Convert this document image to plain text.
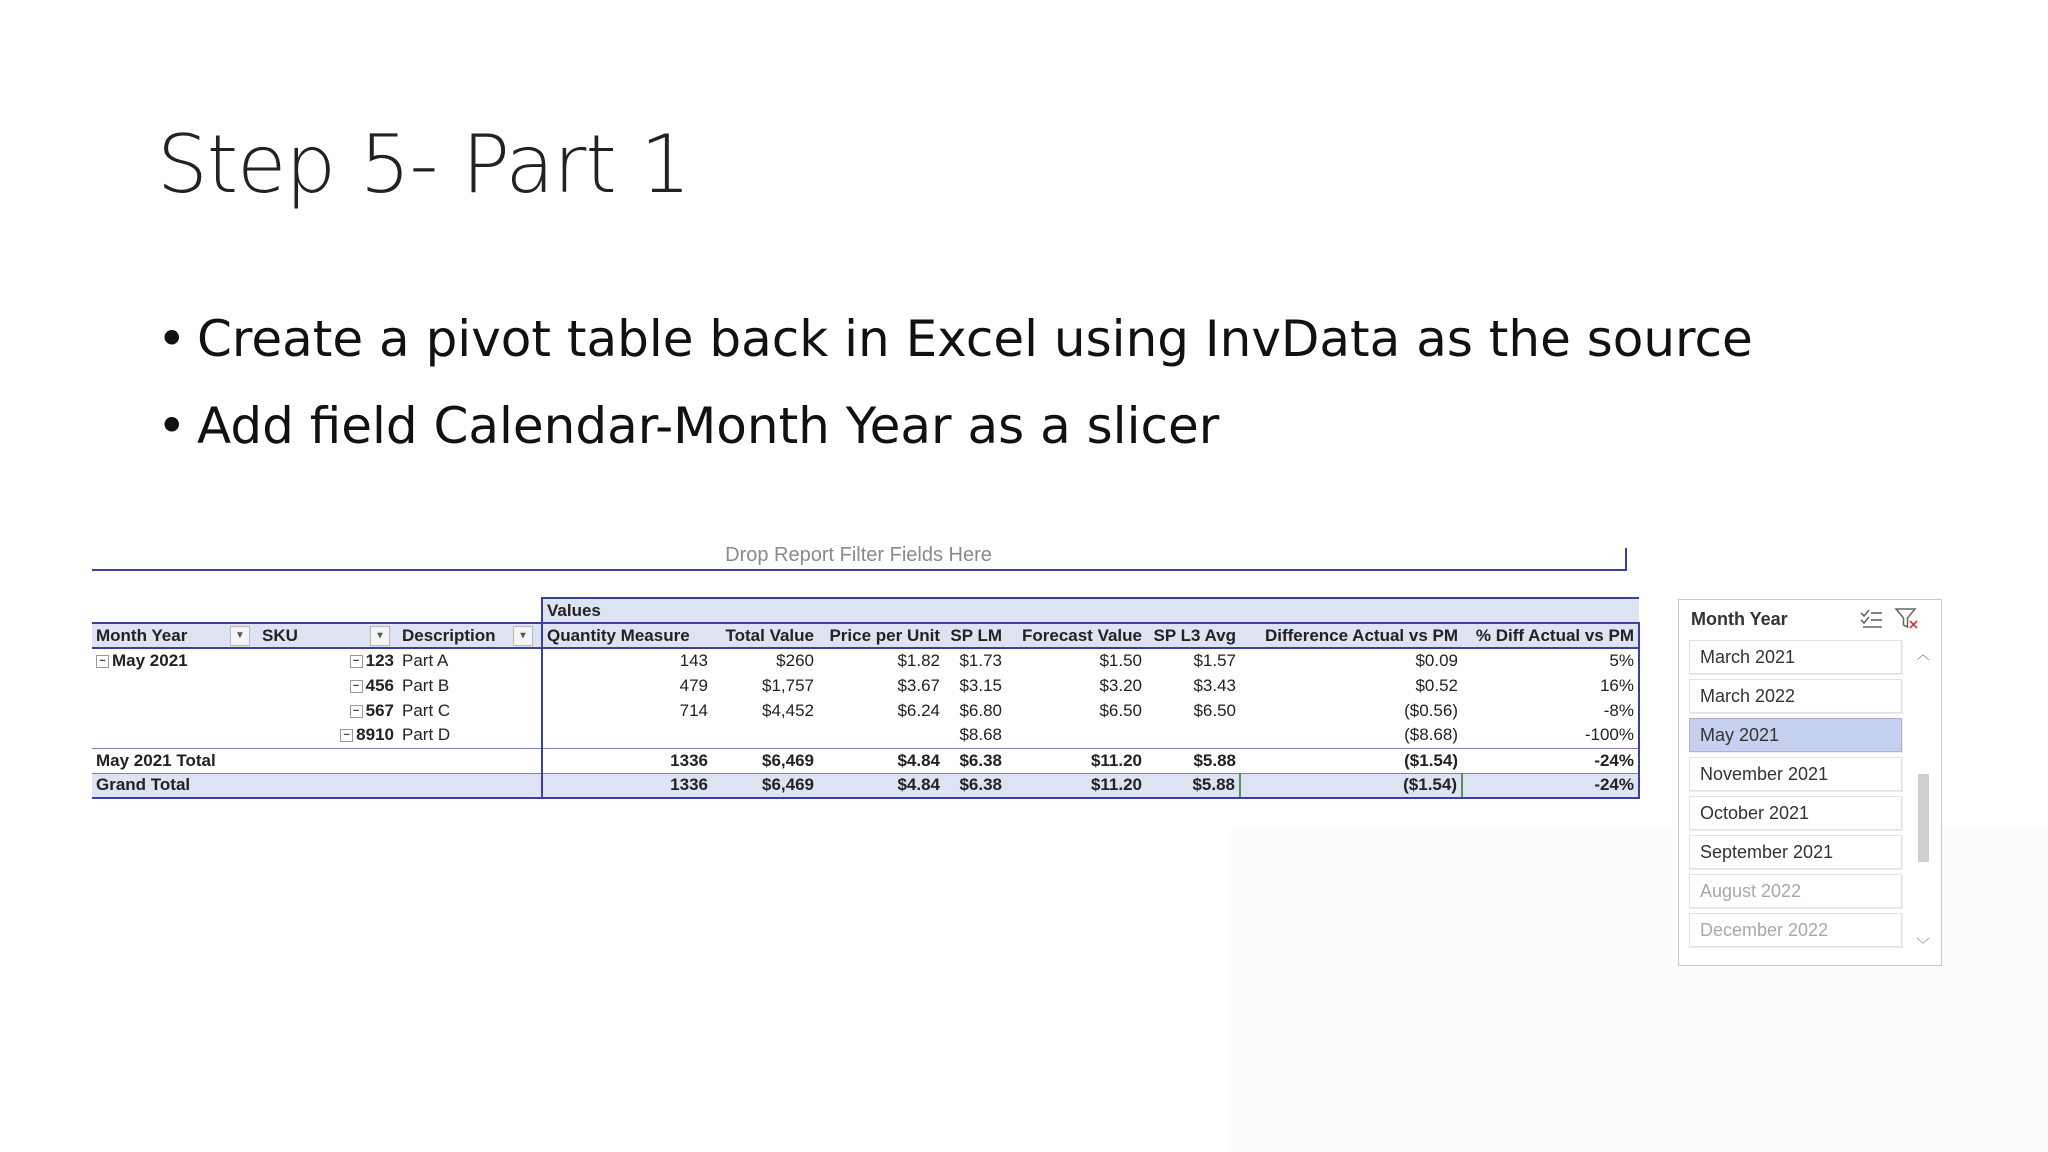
Step 5- Part 1
• Create a pivot table back in Excel using InvData as the source
• Add field Calendar-Month Year as a slicer
Drop Report Filter Fields Here
			Values							
Month Year ▼	SKU ▾	Description ▾	Quantity Measure	Total Value	Price per Unit	SP LM	Forecast Value	SP L3 Avg	Difference Actual vs PM	% Diff Actual vs PM
− May 2021	− 123	Part A	143	$260	$1.82	$1.73	$1.50	$1.57	$0.09	5%
	− 456	Part B	479	$1,757	$3.67	$3.15	$3.20	$3.43	$0.52	16%
	− 567	Part C	714	$4,452	$6.24	$6.80	$6.50	$6.50	($0.56)	-8%
	− 8910	Part D				$8.68			($8.68)	-100%
May 2021 Total			1336	$6,469	$4.84	$6.38	$11.20	$5.88	($1.54)	-24%
Grand Total			1336	$6,469	$4.84	$6.38	$11.20	$5.88	($1.54)	-24%
Month Year
March 2021
March 2022
May 2021
November 2021
October 2021
September 2021
August 2022
December 2022
︿
﹀
